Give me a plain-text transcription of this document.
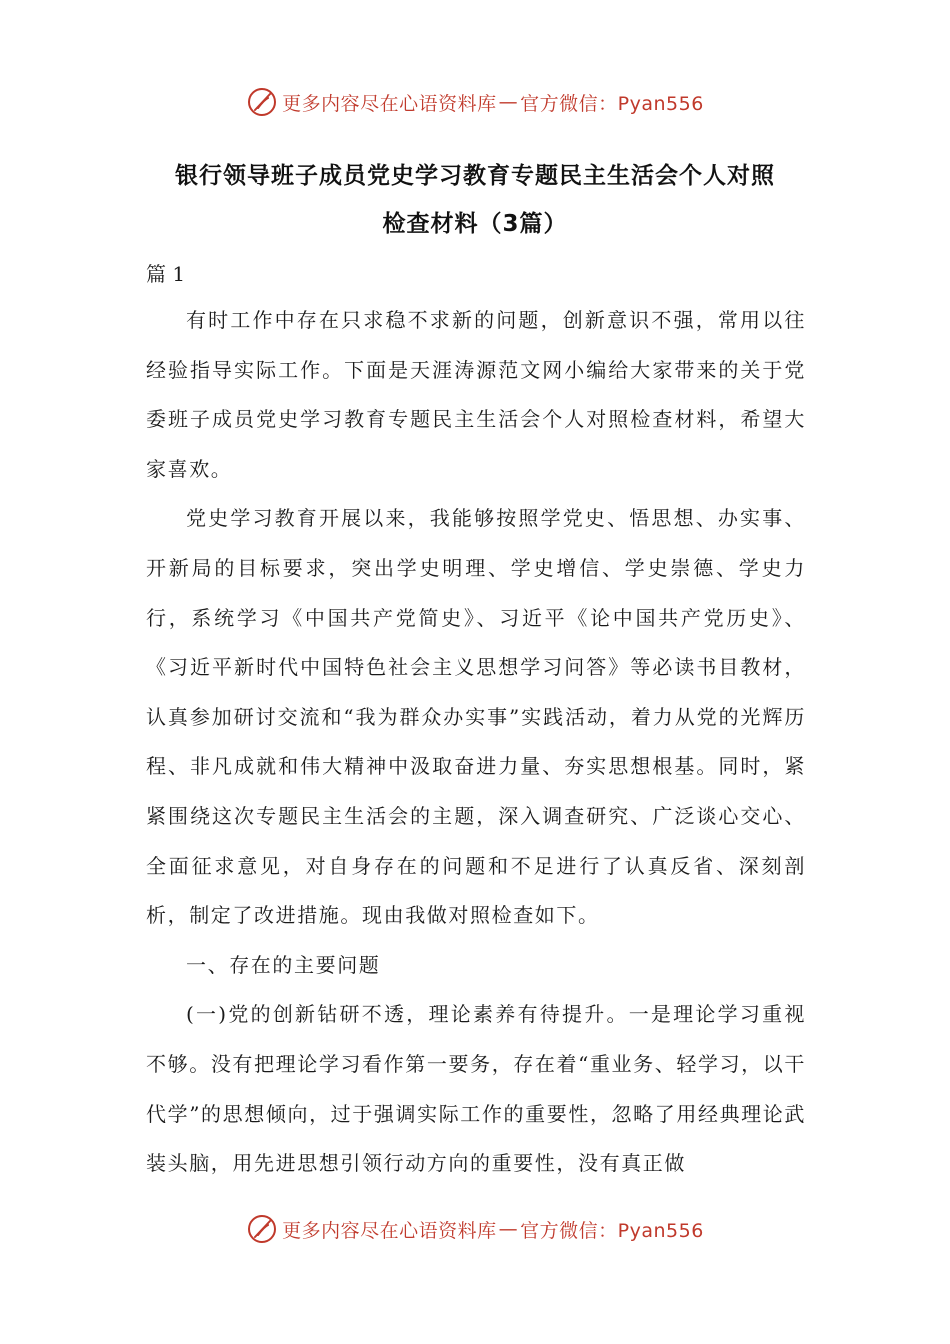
更多内容尽在心语资料库 — 官方微信：Pyan556
银行领导班子成员党史学习教育专题民主生活会个人对照
检查材料（3篇）
篇 1

有时工作中存在只求稳不求新的问题，创新意识不强，常用以往经验指导实际工作。下面是天涯涛源范文网小编给大家带来的关于党委班子成员党史学习教育专题民主生活会个人对照检查材料，希望大家喜欢。

党史学习教育开展以来，我能够按照学党史、悟思想、办实事、开新局的目标要求，突出学史明理、学史增信、学史崇德、学史力行，系统学习《中国共产党简史》、习近平《论中国共产党历史》、《习近平新时代中国特色社会主义思想学习问答》等必读书目教材，认真参加研讨交流和“我为群众办实事”实践活动，着力从党的光辉历程、非凡成就和伟大精神中汲取奋进力量、夯实思想根基。同时，紧紧围绕这次专题民主生活会的主题，深入调查研究、广泛谈心交心、全面征求意见，对自身存在的问题和不足进行了认真反省、深刻剖析，制定了改进措施。现由我做对照检查如下。

一、存在的主要问题

(一)党的创新钻研不透，理论素养有待提升。一是理论学习重视不够。没有把理论学习看作第一要务，存在着“重业务、轻学习，以干代学”的思想倾向，过于强调实际工作的重要性，忽略了用经典理论武装头脑，用先进思想引领行动方向的重要性，没有真正做

更多内容尽在心语资料库 — 官方微信：Pyan556
